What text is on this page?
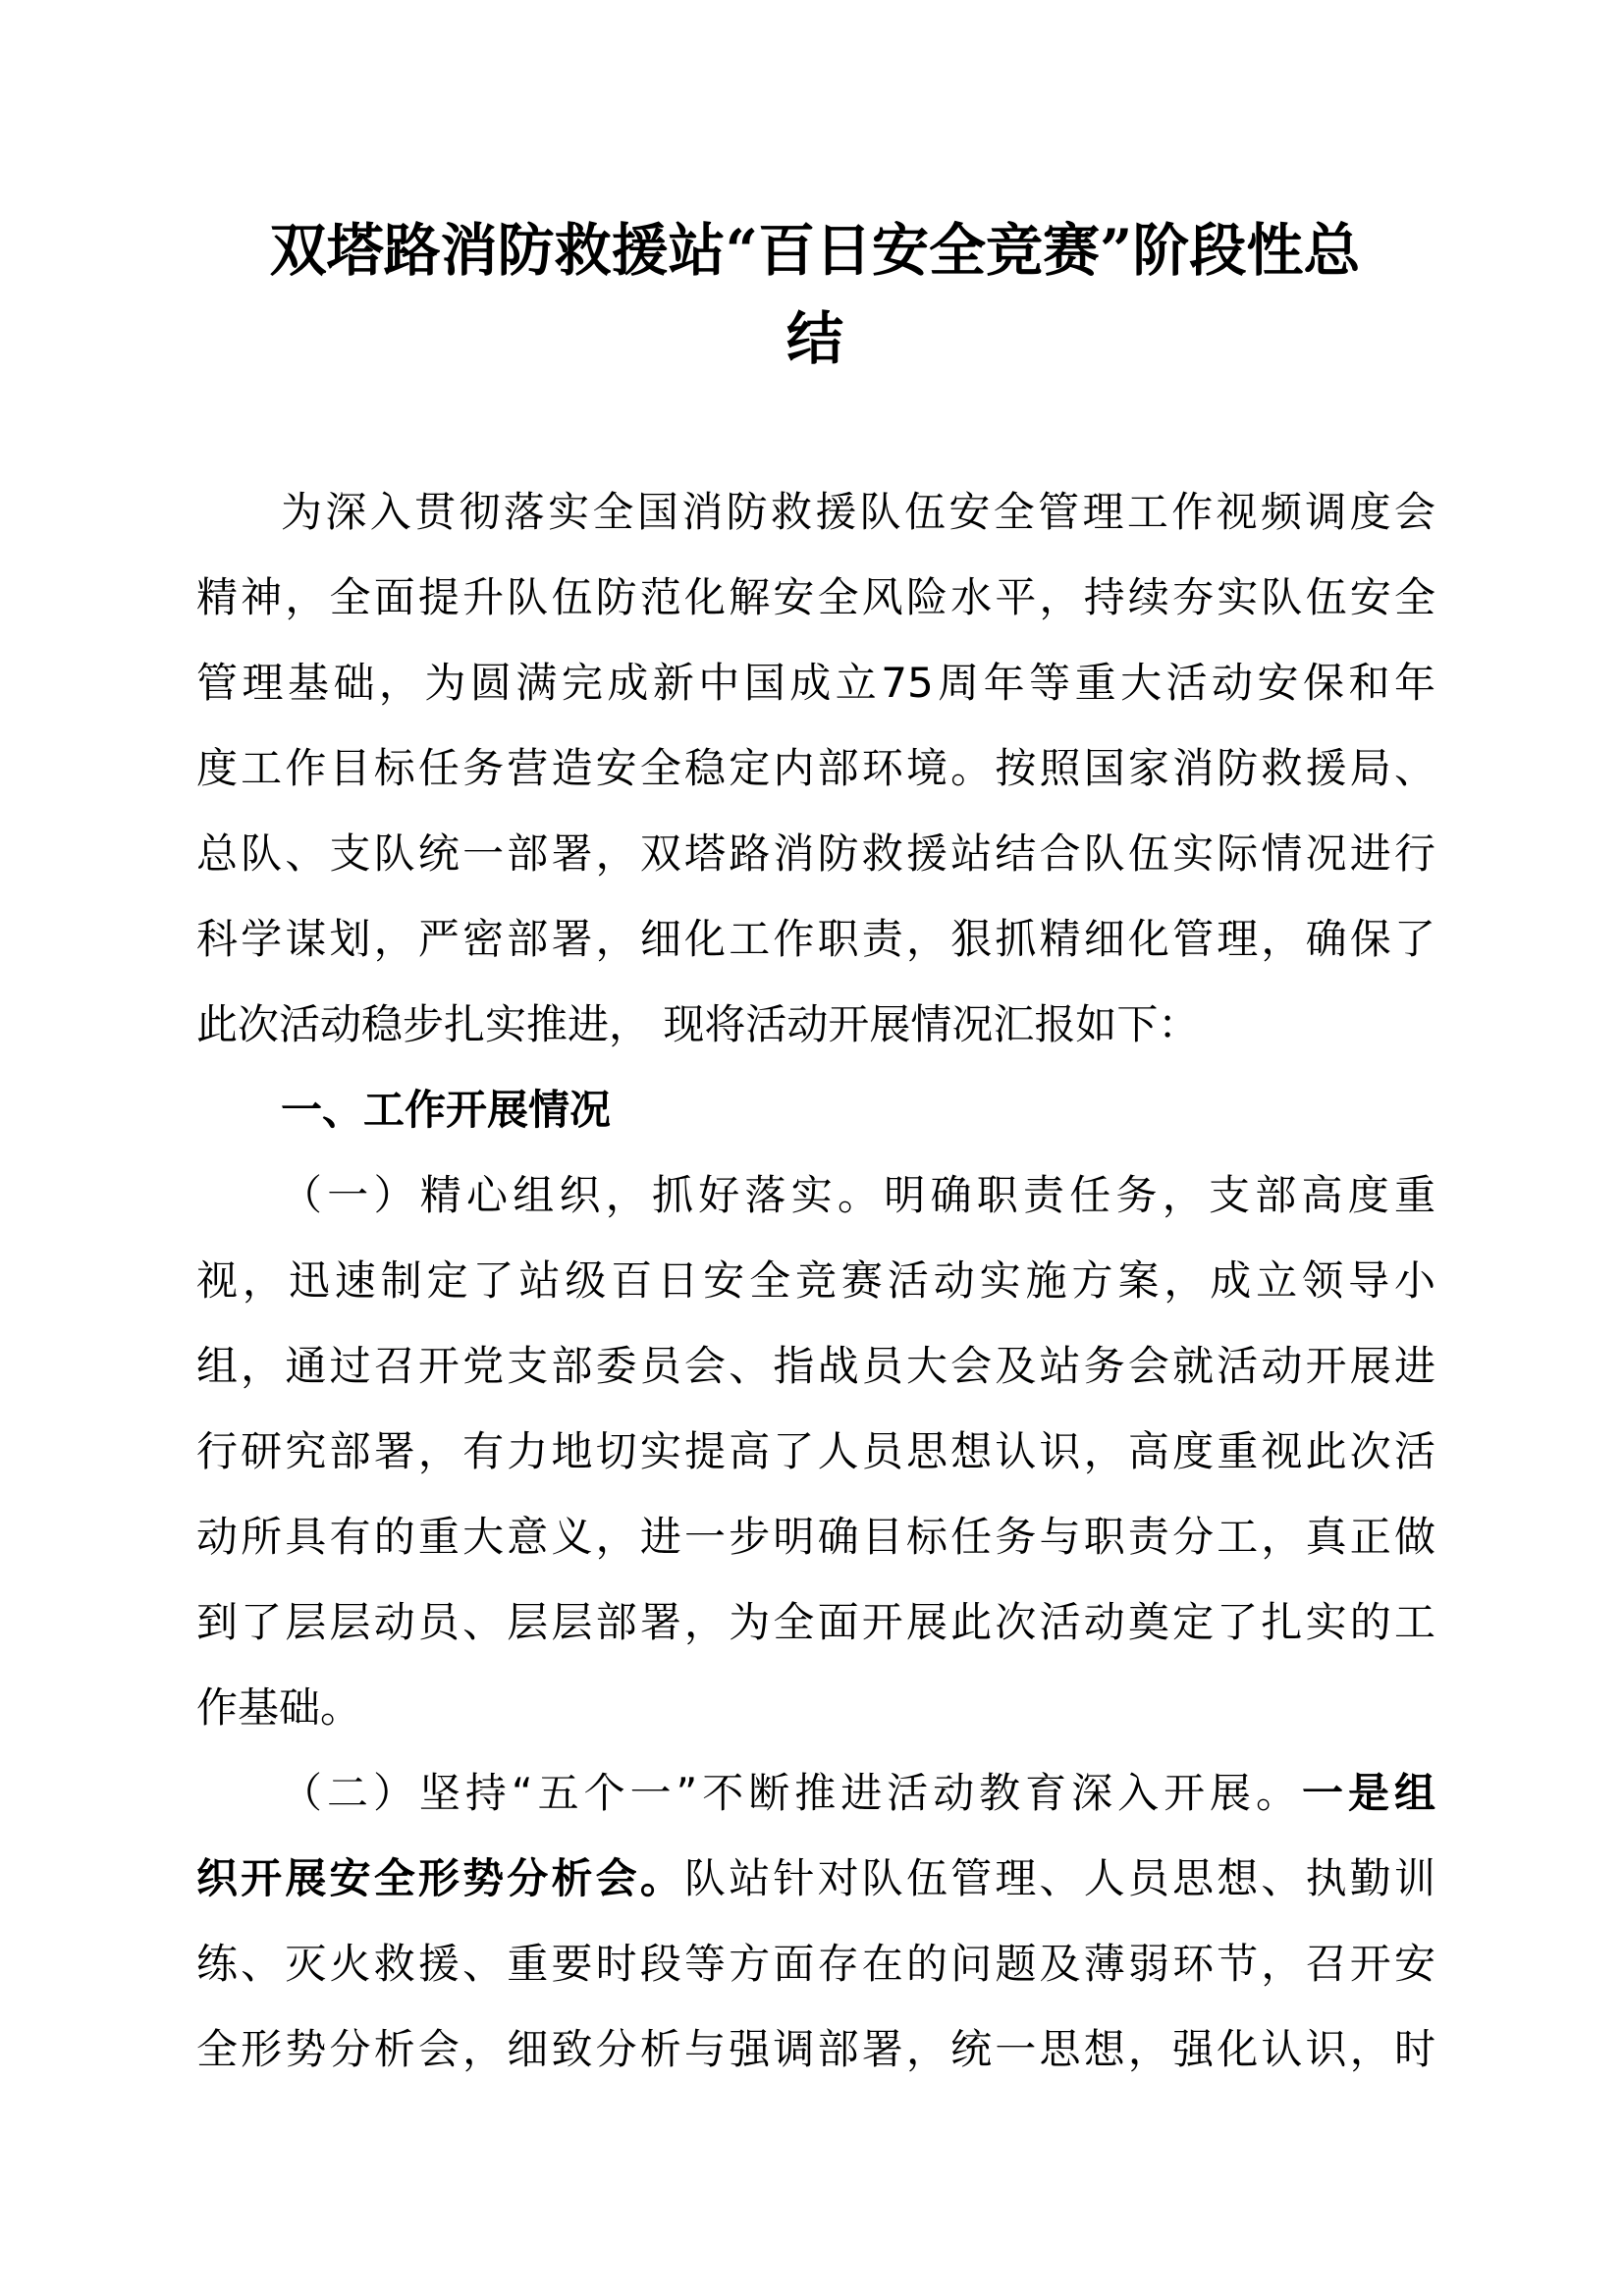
双塔路消防救援站“百日安全竞赛”阶段性总
结
为深入贯彻落实全国消防救援队伍安全管理工作视频调度会
精神，全面提升队伍防范化解安全风险水平，持续夯实队伍安全
管理基础，为圆满完成新中国成立75周年等重大活动安保和年
度工作目标任务营造安全稳定内部环境。按照国家消防救援局、
总队、支队统一部署，双塔路消防救援站结合队伍实际情况进行
科学谋划，严密部署，细化工作职责，狠抓精细化管理，确保了
此次活动稳步扎实推进， 现将活动开展情况汇报如下：
一、工作开展情况
（一）精心组织，抓好落实。明确职责任务，支部高度重
视，迅速制定了站级百日安全竞赛活动实施方案，成立领导小
组，通过召开党支部委员会、指战员大会及站务会就活动开展进
行研究部署，有力地切实提高了人员思想认识，高度重视此次活
动所具有的重大意义，进一步明确目标任务与职责分工，真正做
到了层层动员、层层部署，为全面开展此次活动奠定了扎实的工
作基础。
（二）坚持“五个一”不断推进活动教育深入开展。一是组
织开展安全形势分析会。队站针对队伍管理、人员思想、执勤训
练、灭火救援、重要时段等方面存在的问题及薄弱环节，召开安
全形势分析会，细致分析与强调部署，统一思想，强化认识，时
